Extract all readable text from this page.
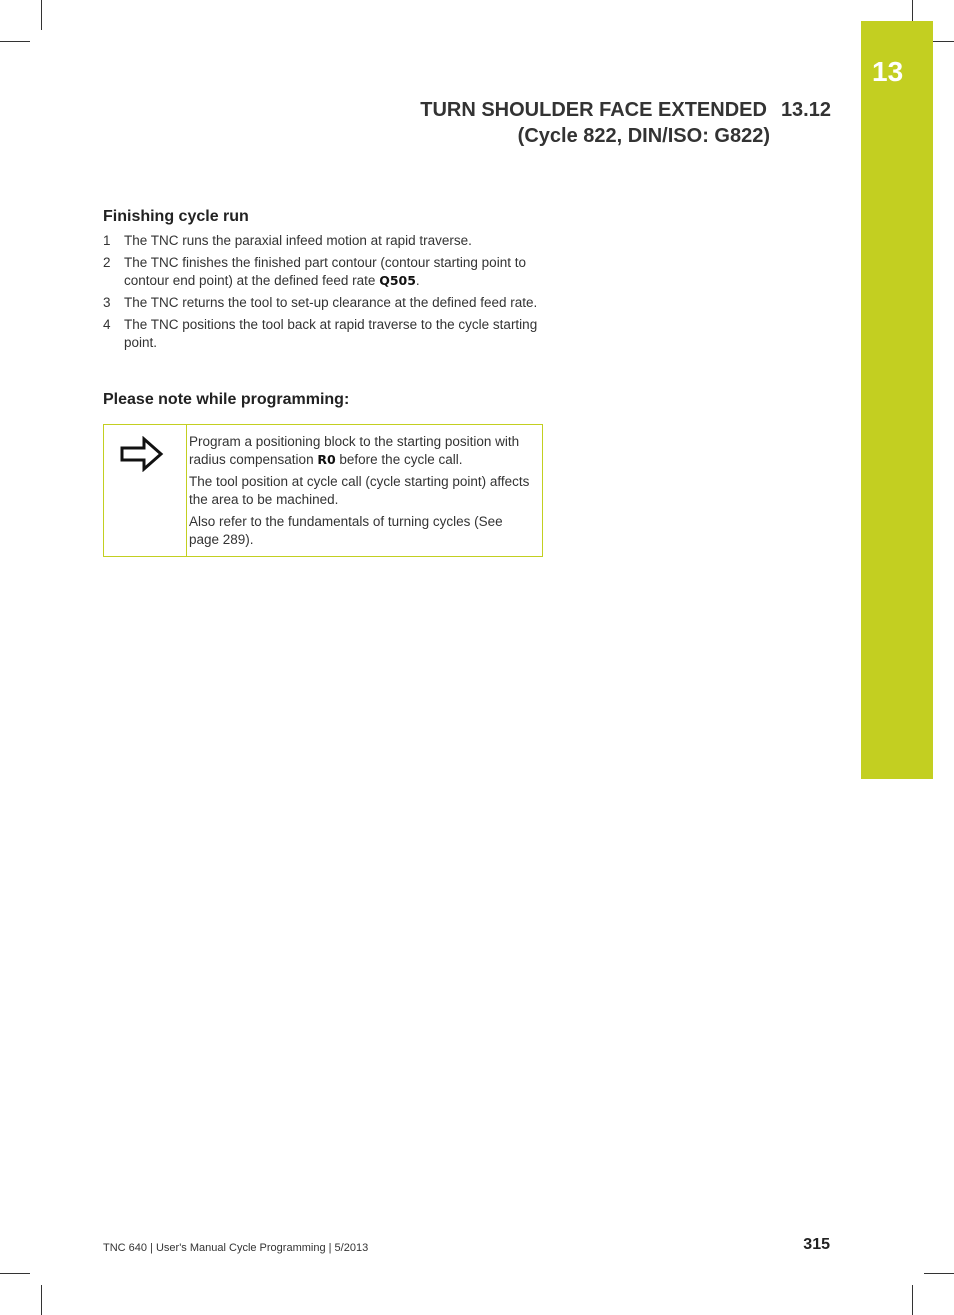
13
TURN SHOULDER FACE EXTENDED 13.12
(Cycle 822, DIN/ISO: G822)
Finishing cycle run
1 The TNC runs the paraxial infeed motion at rapid traverse.
2 The TNC finishes the finished part contour (contour starting point to contour end point) at the defined feed rate Q505.
3 The TNC returns the tool to set-up clearance at the defined feed rate.
4 The TNC positions the tool back at rapid traverse to the cycle starting point.
Please note while programming:

Program a positioning block to the starting position with radius compensation R0 before the cycle call.

The tool position at cycle call (cycle starting point) affects the area to be machined.

Also refer to the fundamentals of turning cycles (See page 289).

TNC 640 | User's Manual Cycle Programming | 5/2013	315
